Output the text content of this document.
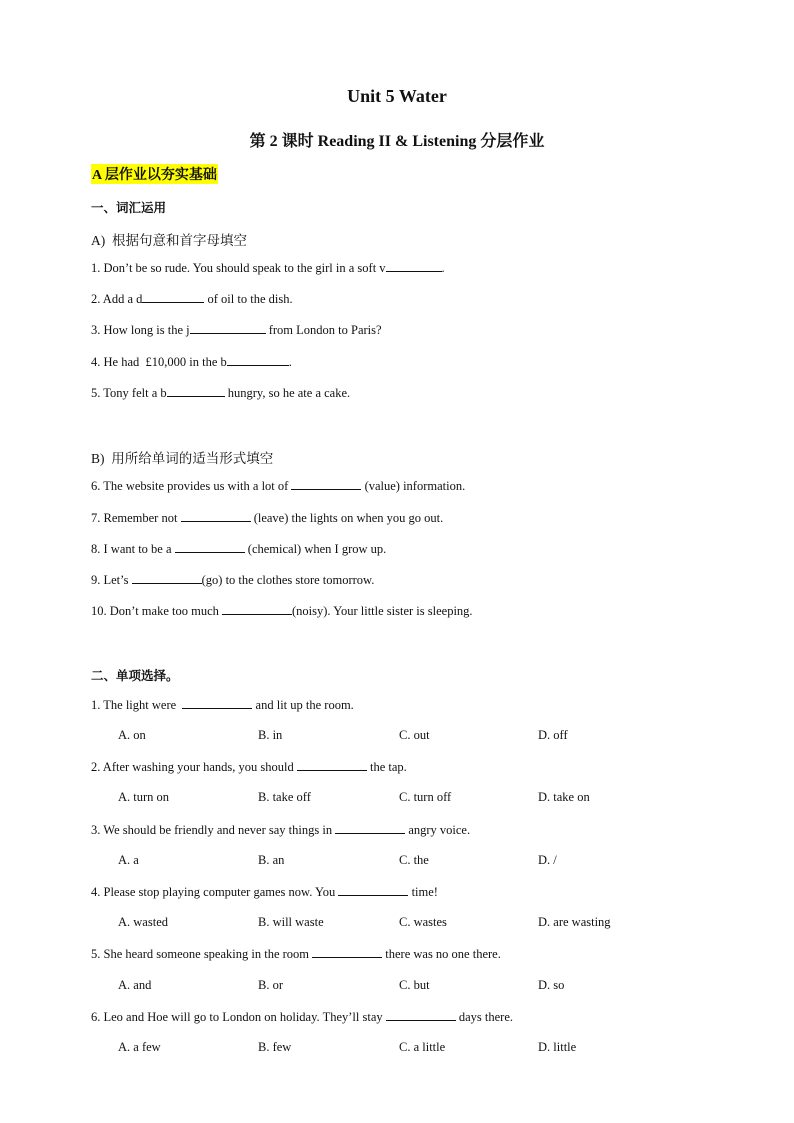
Unit 5 Water
第 2 课时 Reading II & Listening 分层作业
A 层作业以夯实基础
一、词汇运用
A)  根据句意和首字母填空
1. Don’t be so rude. You should speak to the girl in a soft v	.
2. Add a d	of oil to the dish.
3. How long is the j	from London to Paris?
4. He had  £10,000 in the b	.
5. Tony felt a b	hungry, so he ate a cake.
B)  用所给单词的适当形式填空
6. The website provides us with a lot of	(value) information.
7. Remember not	(leave) the lights on when you go out.
8. I want to be a	(chemical) when I grow up.
9. Let’s	(go) to the clothes store tomorrow.
10. Don’t make too much	(noisy). Your little sister is sleeping.
二、单项选择。
1. The light were	and lit up the room.
A. on	B. in	C. out	D. off
2. After washing your hands, you should	the tap.
A. turn on	B. take off	C. turn off	D. take on
3. We should be friendly and never say things in	angry voice.
A. a	B. an	C. the	D. /
4. Please stop playing computer games now. You	time!
A. wasted	B. will waste	C. wastes	D. are wasting
5. She heard someone speaking in the room	there was no one there.
A. and	B. or	C. but	D. so
6. Leo and Hoe will go to London on holiday. They’ll stay	days there.
A. a few	B. few	C. a little	D. little
